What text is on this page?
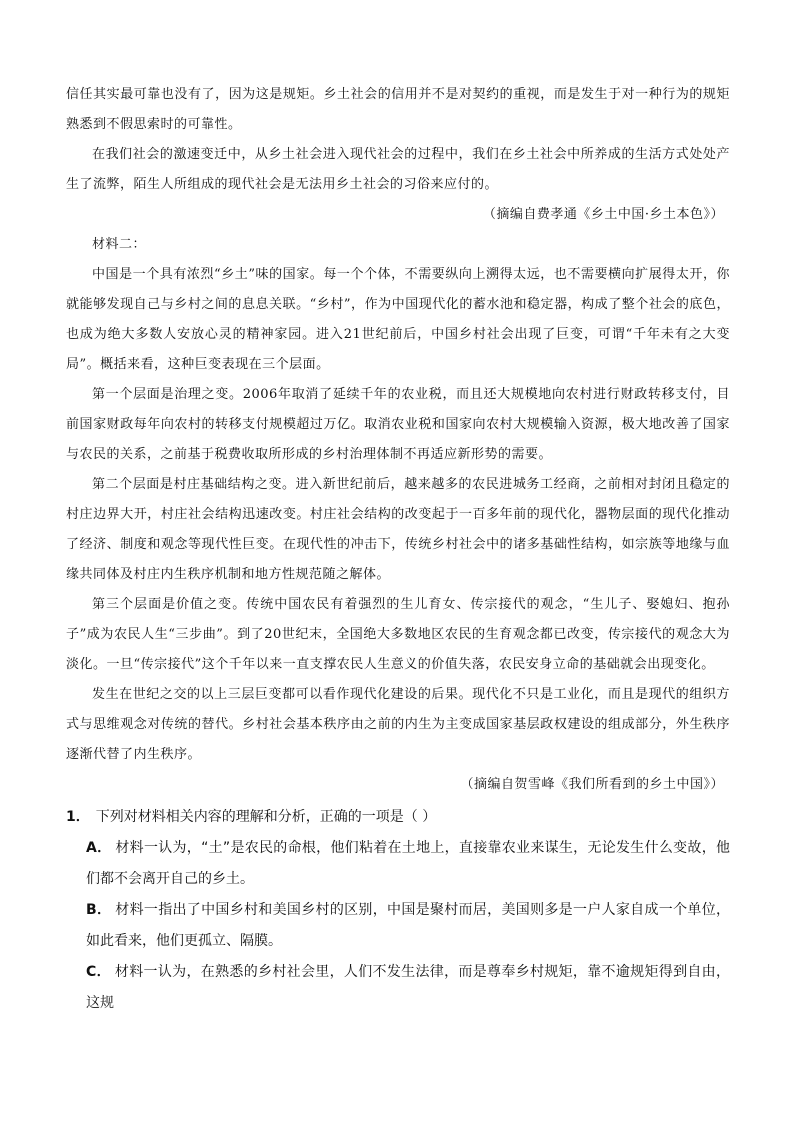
信任其实最可靠也没有了，因为这是规矩。乡土社会的信用并不是对契约的重视，而是发生于对一种行为的规矩熟悉到不假思索时的可靠性。

在我们社会的激速变迁中，从乡土社会进入现代社会的过程中，我们在乡土社会中所养成的生活方式处处产生了流弊，陌生人所组成的现代社会是无法用乡土社会的习俗来应付的。

（摘编自费孝通《乡土中国·乡土本色》）

材料二：

中国是一个具有浓烈“乡土”味的国家。每一个个体，不需要纵向上溯得太远，也不需要横向扩展得太开，你就能够发现自己与乡村之间的息息关联。“乡村”，作为中国现代化的蓄水池和稳定器，构成了整个社会的底色，也成为绝大多数人安放心灵的精神家园。进入21世纪前后，中国乡村社会出现了巨变，可谓“千年未有之大变局”。概括来看，这种巨变表现在三个层面。

第一个层面是治理之变。2006年取消了延续千年的农业税，而且还大规模地向农村进行财政转移支付，目前国家财政每年向农村的转移支付规模超过万亿。取消农业税和国家向农村大规模输入资源，极大地改善了国家与农民的关系，之前基于税费收取所形成的乡村治理体制不再适应新形势的需要。

第二个层面是村庄基础结构之变。进入新世纪前后，越来越多的农民进城务工经商，之前相对封闭且稳定的村庄边界大开，村庄社会结构迅速改变。村庄社会结构的改变起于一百多年前的现代化，器物层面的现代化推动了经济、制度和观念等现代性巨变。在现代性的冲击下，传统乡村社会中的诸多基础性结构，如宗族等地缘与血缘共同体及村庄内生秩序机制和地方性规范随之解体。

第三个层面是价值之变。传统中国农民有着强烈的生儿育女、传宗接代的观念，“生儿子、娶媳妇、抱孙子”成为农民人生“三步曲”。到了20世纪末，全国绝大多数地区农民的生育观念都已改变，传宗接代的观念大为淡化。一旦“传宗接代”这个千年以来一直支撑农民人生意义的价值失落，农民安身立命的基础就会出现变化。

发生在世纪之交的以上三层巨变都可以看作现代化建设的后果。现代化不只是工业化，而且是现代的组织方式与思维观念对传统的替代。乡村社会基本秩序由之前的内生为主变成国家基层政权建设的组成部分，外生秩序逐渐代替了内生秩序。

（摘编自贺雪峰《我们所看到的乡土中国》）

1． 下列对材料相关内容的理解和分析，正确的一项是（ ）

A． 材料一认为，“土”是农民的命根，他们粘着在土地上，直接靠农业来谋生，无论发生什么变故，他们都不会离开自己的乡土。

B． 材料一指出了中国乡村和美国乡村的区别，中国是聚村而居，美国则多是一户人家自成一个单位，如此看来，他们更孤立、隔膜。

C． 材料一认为，在熟悉的乡村社会里，人们不发生法律，而是尊奉乡村规矩，靠不逾规矩得到自由，这规
